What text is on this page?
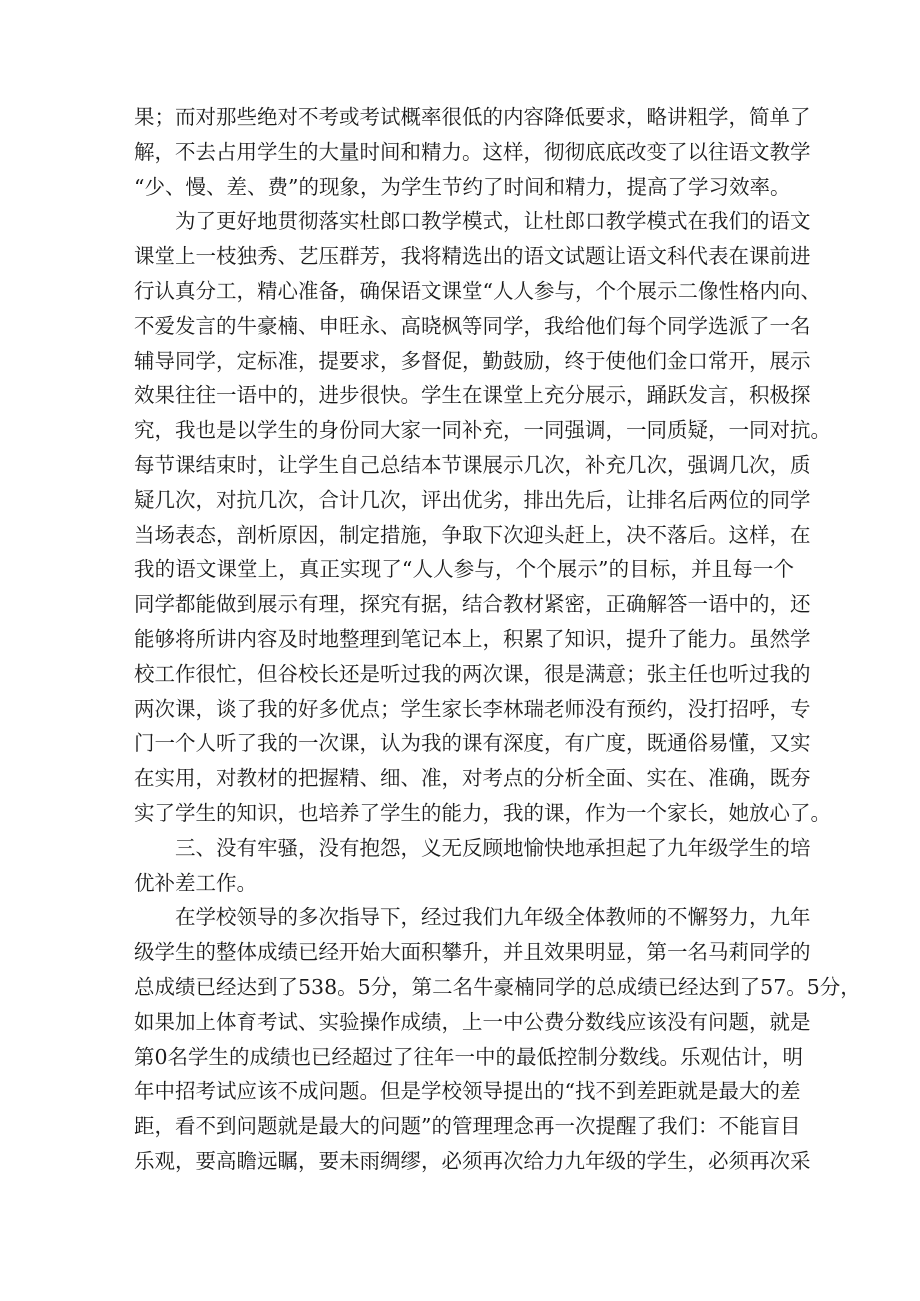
果；而对那些绝对不考或考试概率很低的内容降低要求，略讲粗学，简单了
解，不去占用学生的大量时间和精力。这样，彻彻底底改变了以往语文教学
“少、慢、差、费”的现象，为学生节约了时间和精力，提高了学习效率。
为了更好地贯彻落实杜郎口教学模式，让杜郎口教学模式在我们的语文
课堂上一枝独秀、艺压群芳，我将精选出的语文试题让语文科代表在课前进
行认真分工，精心准备，确保语文课堂“人人参与，个个展示二像性格内向、
不爱发言的牛豪楠、申旺永、高晓枫等同学，我给他们每个同学选派了一名
辅导同学，定标准，提要求，多督促，勤鼓励，终于使他们金口常开，展示
效果往往一语中的，进步很快。学生在课堂上充分展示，踊跃发言，积极探
究，我也是以学生的身份同大家一同补充，一同强调，一同质疑，一同对抗。
每节课结束时，让学生自己总结本节课展示几次，补充几次，强调几次，质
疑几次，对抗几次，合计几次，评出优劣，排出先后，让排名后两位的同学
当场表态，剖析原因，制定措施，争取下次迎头赶上，决不落后。这样，在
我的语文课堂上，真正实现了“人人参与，个个展示”的目标，并且每一个
同学都能做到展示有理，探究有据，结合教材紧密，正确解答一语中的，还
能够将所讲内容及时地整理到笔记本上，积累了知识，提升了能力。虽然学
校工作很忙，但谷校长还是听过我的两次课，很是满意；张主任也听过我的
两次课，谈了我的好多优点；学生家长李林瑞老师没有预约，没打招呼，专
门一个人听了我的一次课，认为我的课有深度，有广度，既通俗易懂，又实
在实用，对教材的把握精、细、准，对考点的分析全面、实在、准确，既夯
实了学生的知识，也培养了学生的能力，我的课，作为一个家长，她放心了。
三、没有牢骚，没有抱怨，义无反顾地愉快地承担起了九年级学生的培
优补差工作。
在学校领导的多次指导下，经过我们九年级全体教师的不懈努力，九年
级学生的整体成绩已经开始大面积攀升，并且效果明显，第一名马莉同学的
总成绩已经达到了538。5分，第二名牛豪楠同学的总成绩已经达到了57。5分，
如果加上体育考试、实验操作成绩，上一中公费分数线应该没有问题，就是
第0名学生的成绩也已经超过了往年一中的最低控制分数线。乐观估计，明
年中招考试应该不成问题。但是学校领导提出的“找不到差距就是最大的差
距，看不到问题就是最大的问题”的管理理念再一次提醒了我们：不能盲目
乐观，要高瞻远瞩，要未雨绸缪，必须再次给力九年级的学生，必须再次采
